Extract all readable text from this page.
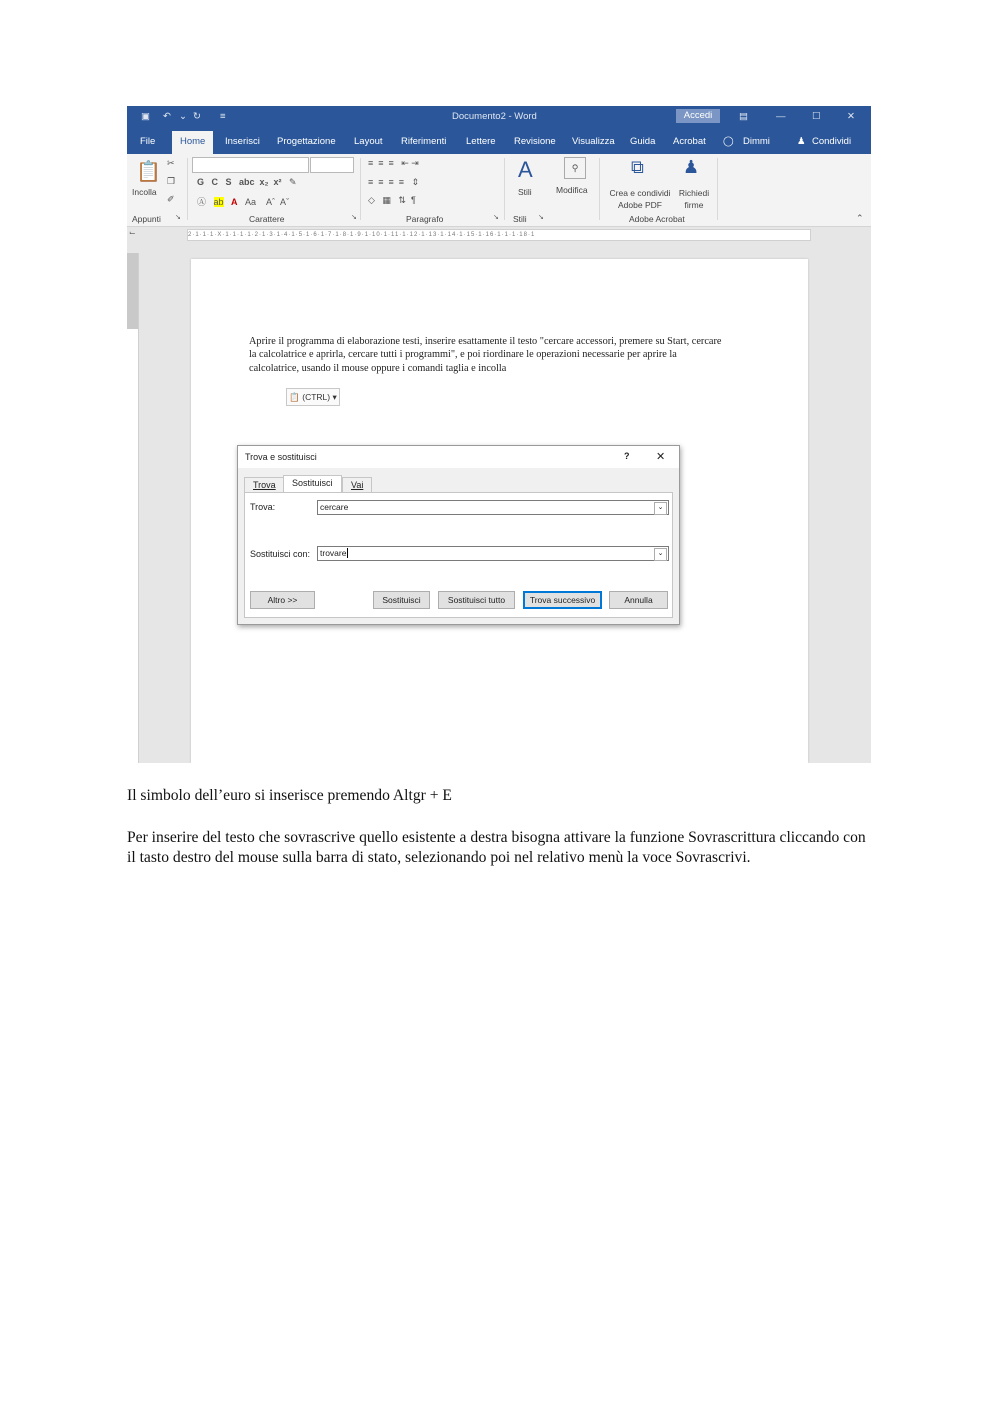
▣ ↶ ⌄ ↻ ≡	Documento2 - Word	Accedi	▤	—	☐	✕
File	Home	Inserisci Progettazione Layout Riferimenti Lettere Revisione Visualizza Guida Acrobat ◯ Dimmi	♟ Condividi
📋
Incolla
✂
❐
✐
Appunti ↘
G   C   S   abc  x₂  x²   ✎
Ⓐ   ab A   Aa    Aˆ  Aˇ
Carattere	↘
≡  ≡  ≡   ⇤ ⇥
≡  ≡  ≡  ≡   ⇕
◇   ▦   ⇅  ¶
Paragrafo	↘
A
Stili
Stili ↘
⚲
Modifica
⧉
Crea e condividi
Adobe PDF
♟
Richiedi
firme
Adobe Acrobat	⌃
⌙	2·1·1·1·X·1·1·1·1·2·1·3·1·4·1·5·1·6·1·7·1·8·1·9·1·10·1·11·1·12·1·13·1·14·1·15·1·16·1·1·1·18·1
Aprire il programma di elaborazione testi, inserire esattamente il testo "cercare accessori, premere su Start, cercare la calcolatrice e aprirla, cercare tutti i programmi", e poi riordinare le operazioni necessarie per aprire la calcolatrice, usando il mouse oppure i comandi taglia e incolla
📋 (CTRL) ▾
Trova e sostituisci	? ✕
Trova	Sostituisci	Vai
Trova:	cercare	⌄
Sostituisci con:	trovare	⌄
Altro >>	Sostituisci	Sostituisci tutto	Trova successivo	Annulla
Il simbolo dell’euro si inserisce premendo Altgr + E
Per inserire del testo che sovrascrive quello esistente a destra bisogna attivare la funzione Sovrascrittura cliccando con il tasto destro del mouse sulla barra di stato, selezionando poi nel relativo menù la voce Sovrascrivi.
